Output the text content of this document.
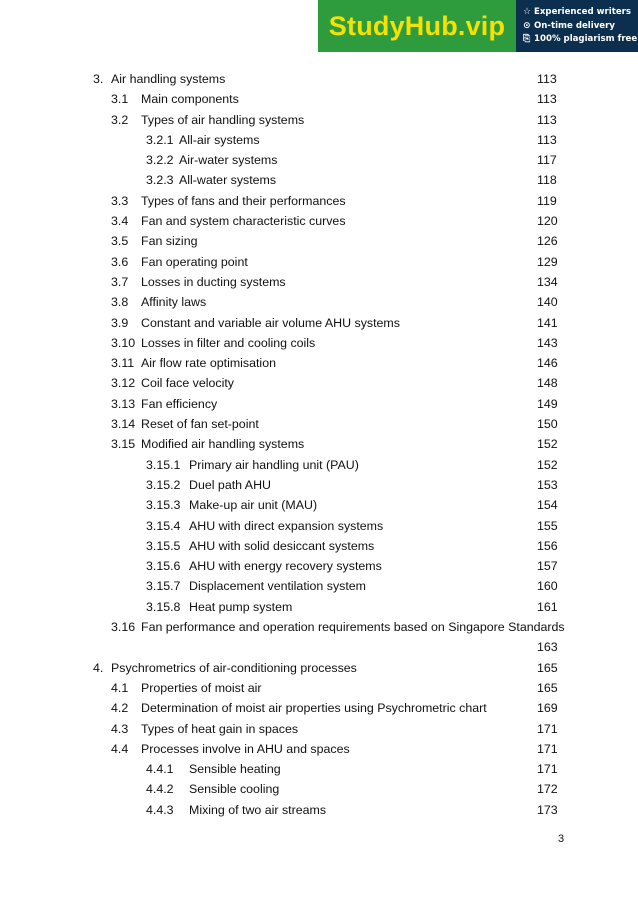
StudyHub.vip	☆ Experienced writers
⊙ On-time delivery
⎘ 100% plagiarism free
3. Air handling systems	113
3.1 Main components	113
3.2 Types of air handling systems	113
3.2.1 All-air systems	113
3.2.2 Air-water systems	117
3.2.3 All-water systems	118
3.3 Types of fans and their performances	119
3.4 Fan and system characteristic curves	120
3.5 Fan sizing	126
3.6 Fan operating point	129
3.7 Losses in ducting systems	134
3.8 Affinity laws	140
3.9 Constant and variable air volume AHU systems	141
3.10 Losses in filter and cooling coils	143
3.11 Air flow rate optimisation	146
3.12 Coil face velocity	148
3.13 Fan efficiency	149
3.14 Reset of fan set-point	150
3.15 Modified air handling systems	152
3.15.1 Primary air handling unit (PAU)	152
3.15.2 Duel path AHU	153
3.15.3 Make-up air unit (MAU)	154
3.15.4 AHU with direct expansion systems	155
3.15.5 AHU with solid desiccant systems	156
3.15.6 AHU with energy recovery systems	157
3.15.7 Displacement ventilation system	160
3.15.8 Heat pump system	161
3.16 Fan performance and operation requirements based on Singapore Standards
163
4. Psychrometrics of air-conditioning processes	165
4.1 Properties of moist air	165
4.2 Determination of moist air properties using Psychrometric chart	169
4.3 Types of heat gain in spaces	171
4.4 Processes involve in AHU and spaces	171
4.4.1 Sensible heating	171
4.4.2 Sensible cooling	172
4.4.3 Mixing of two air streams	173
3
